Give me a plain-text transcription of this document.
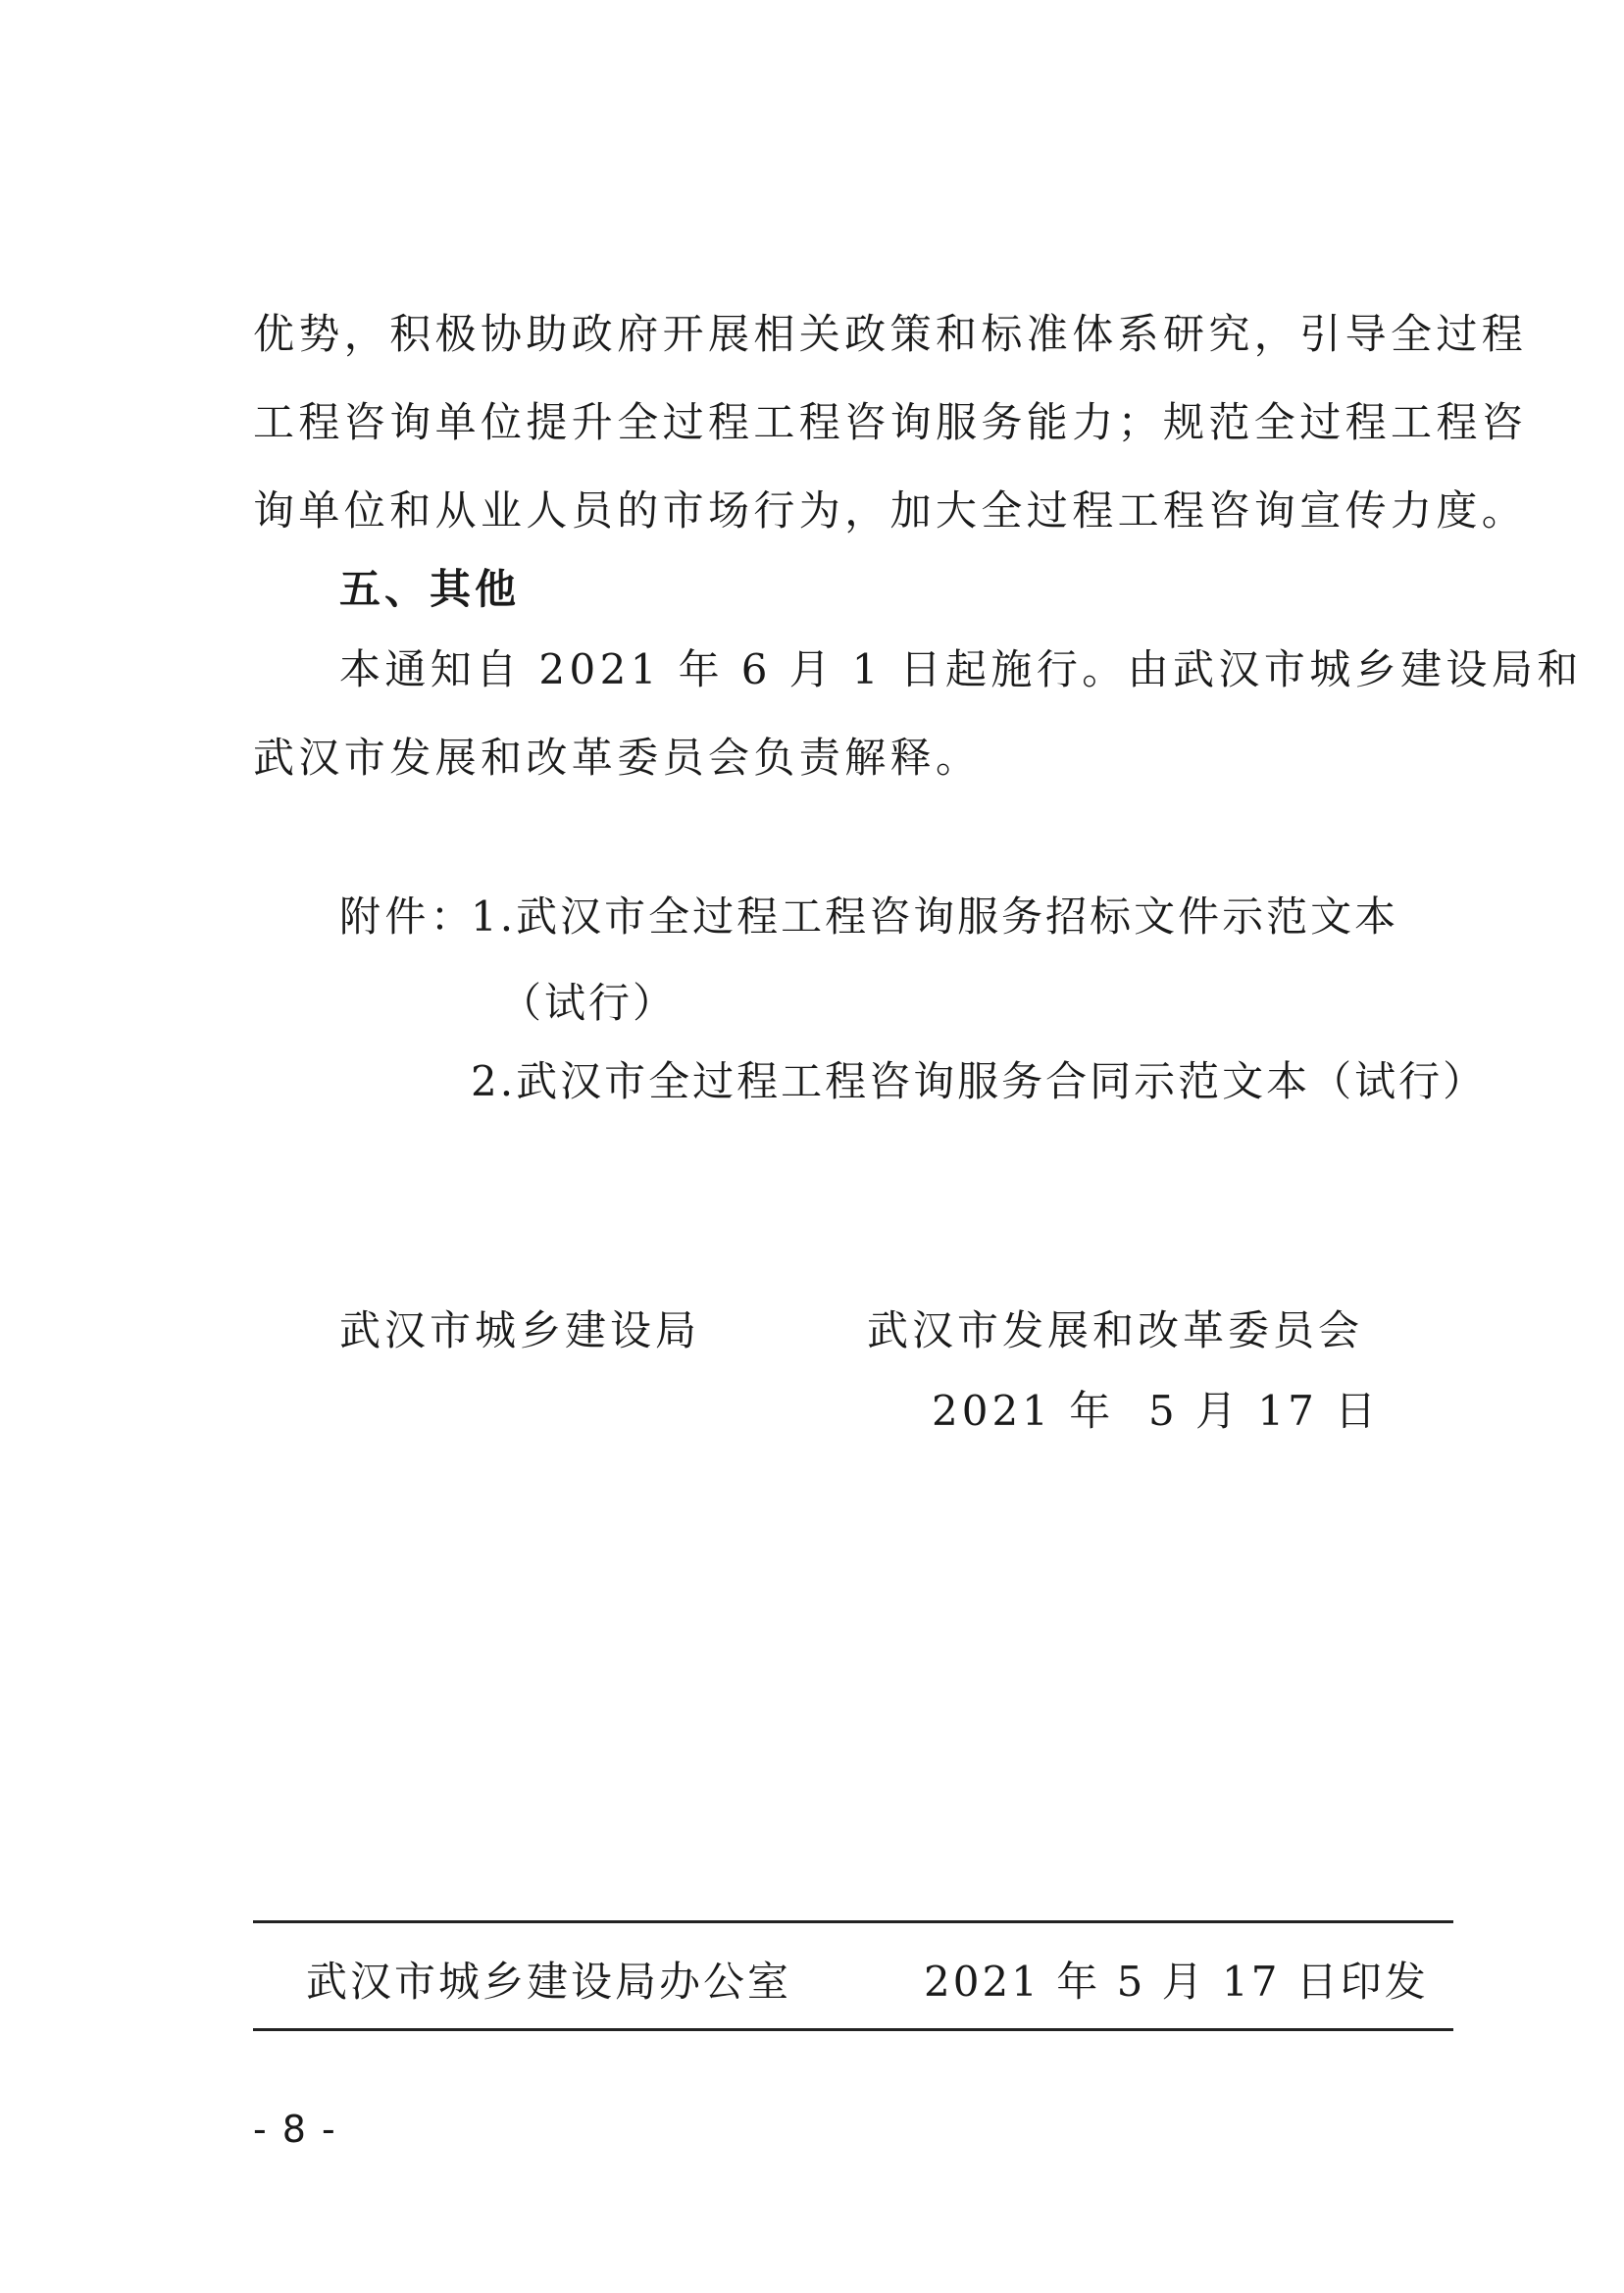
优势，积极协助政府开展相关政策和标准体系研究，引导全过程
工程咨询单位提升全过程工程咨询服务能力；规范全过程工程咨
询单位和从业人员的市场行为，加大全过程工程咨询宣传力度。
五、其他
本通知自 2021 年 6 月 1 日起施行。由武汉市城乡建设局和
武汉市发展和改革委员会负责解释。
附件：
1.武汉市全过程工程咨询服务招标文件示范文本
（试行）
2.武汉市全过程工程咨询服务合同示范文本（试行）
武汉市城乡建设局	武汉市发展和改革委员会
2021 年  5 月 17 日
武汉市城乡建设局办公室	2021 年 5 月 17 日印发
- 8 -
